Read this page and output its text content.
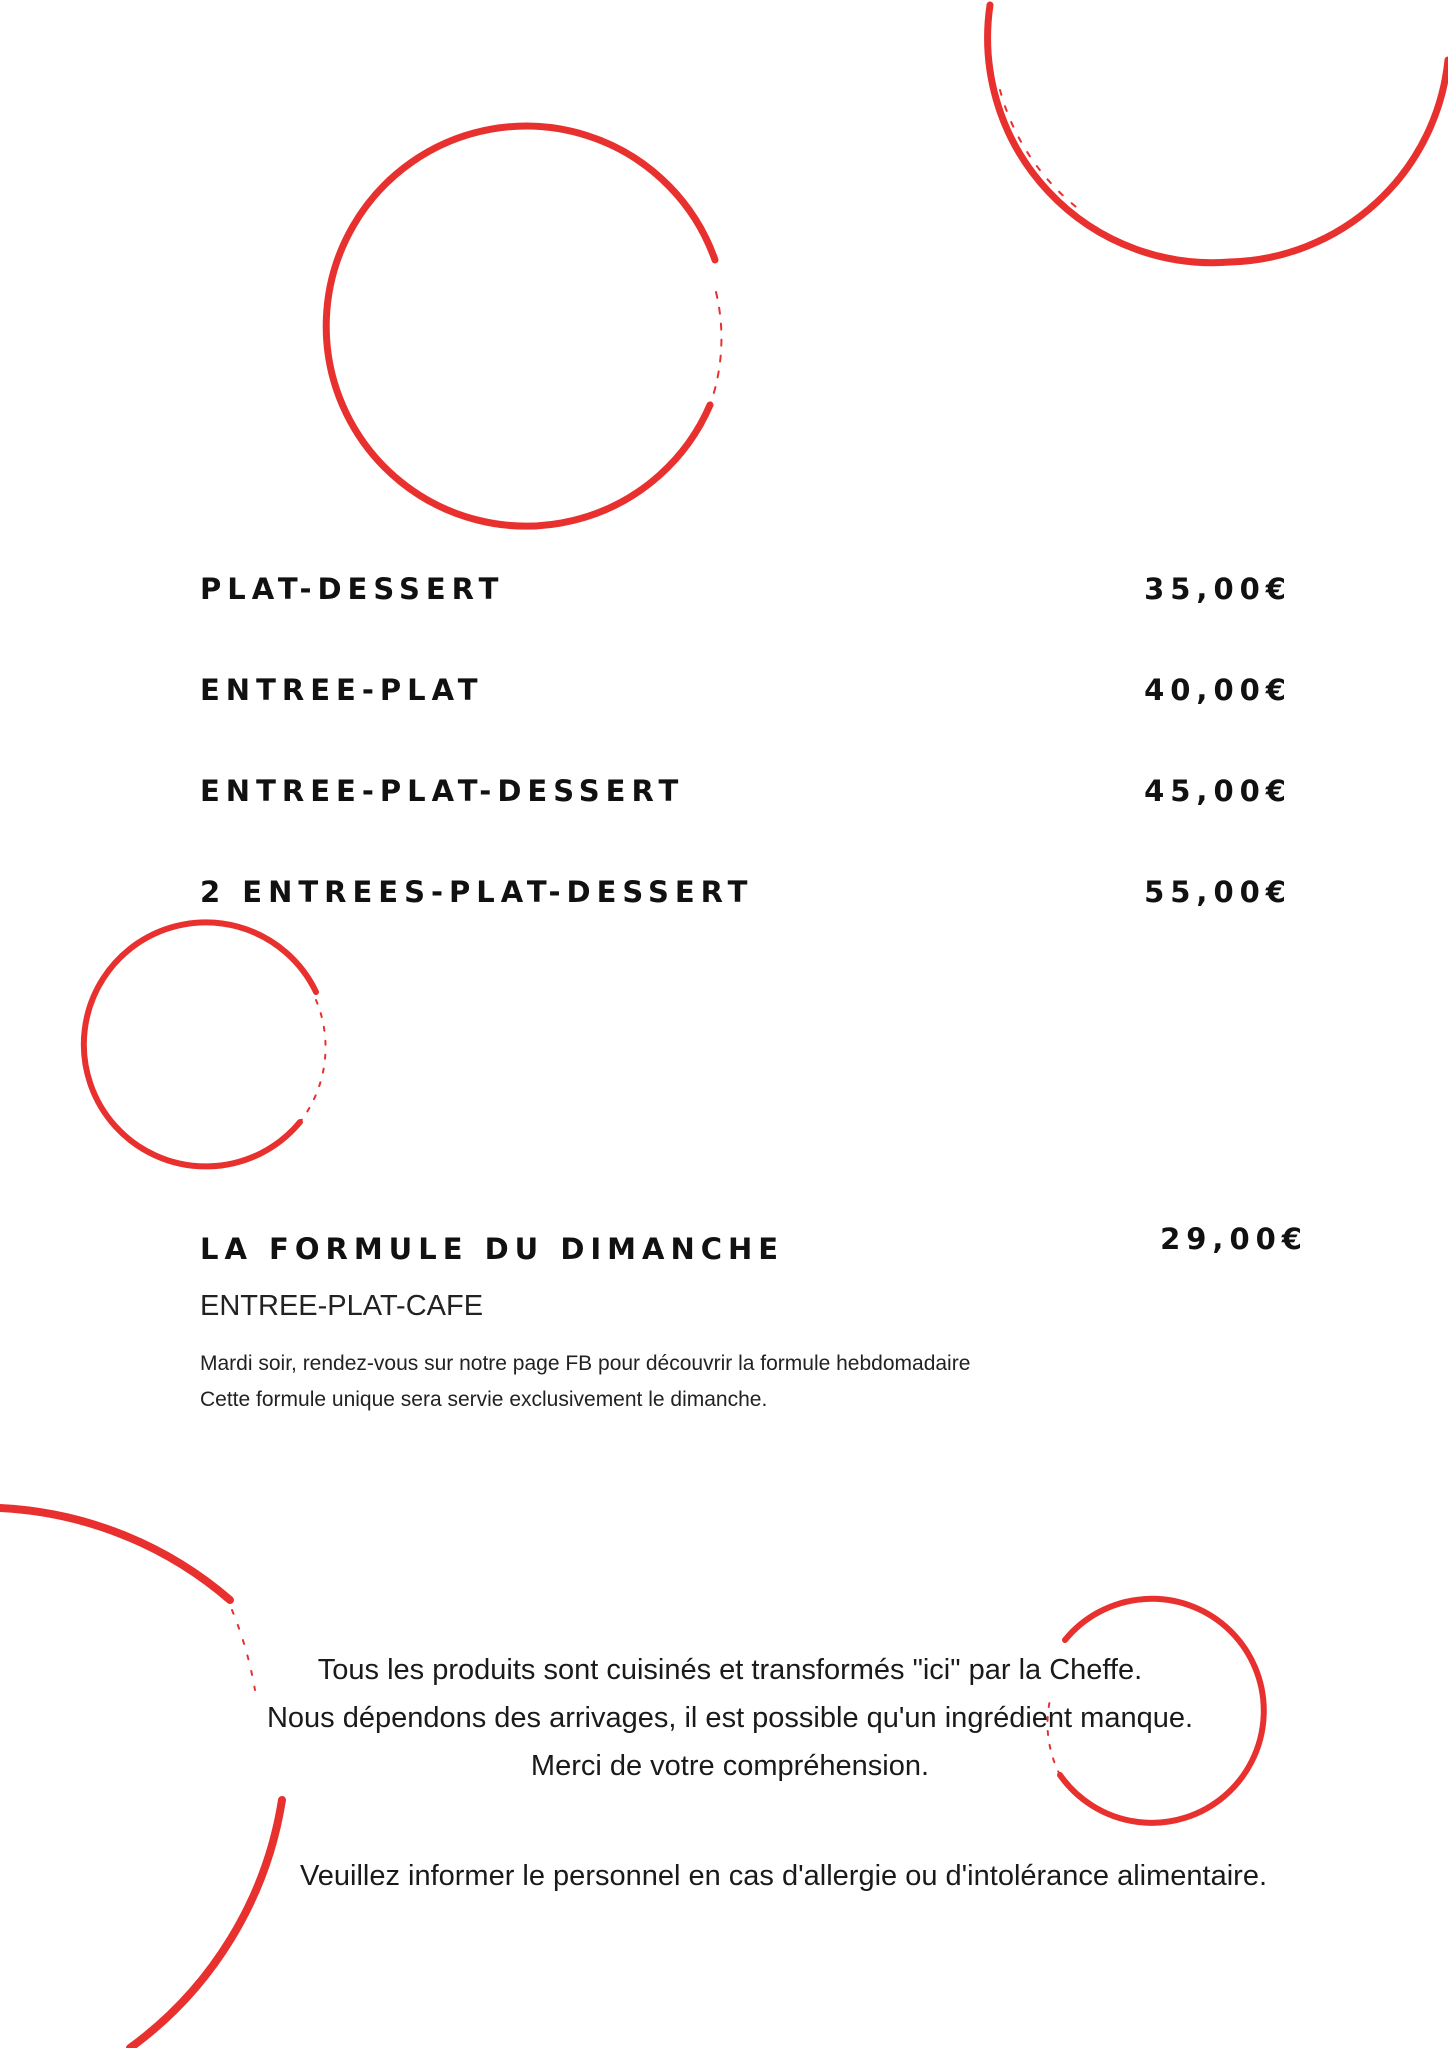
PLAT-DESSERT	35,00€
ENTREE-PLAT	40,00€
ENTREE-PLAT-DESSERT	45,00€
2 ENTREES-PLAT-DESSERT	55,00€
LA FORMULE DU DIMANCHE	29,00€
ENTREE-PLAT-CAFE
Mardi soir, rendez-vous sur notre page FB pour découvrir la formule hebdomadaire
Cette formule unique sera servie exclusivement le dimanche.
Tous les produits sont cuisinés et transformés "ici" par la Cheffe.
Nous dépendons des arrivages, il est possible qu'un ingrédient manque.
Merci de votre compréhension.
Veuillez informer le personnel en cas d'allergie ou d'intolérance alimentaire.
